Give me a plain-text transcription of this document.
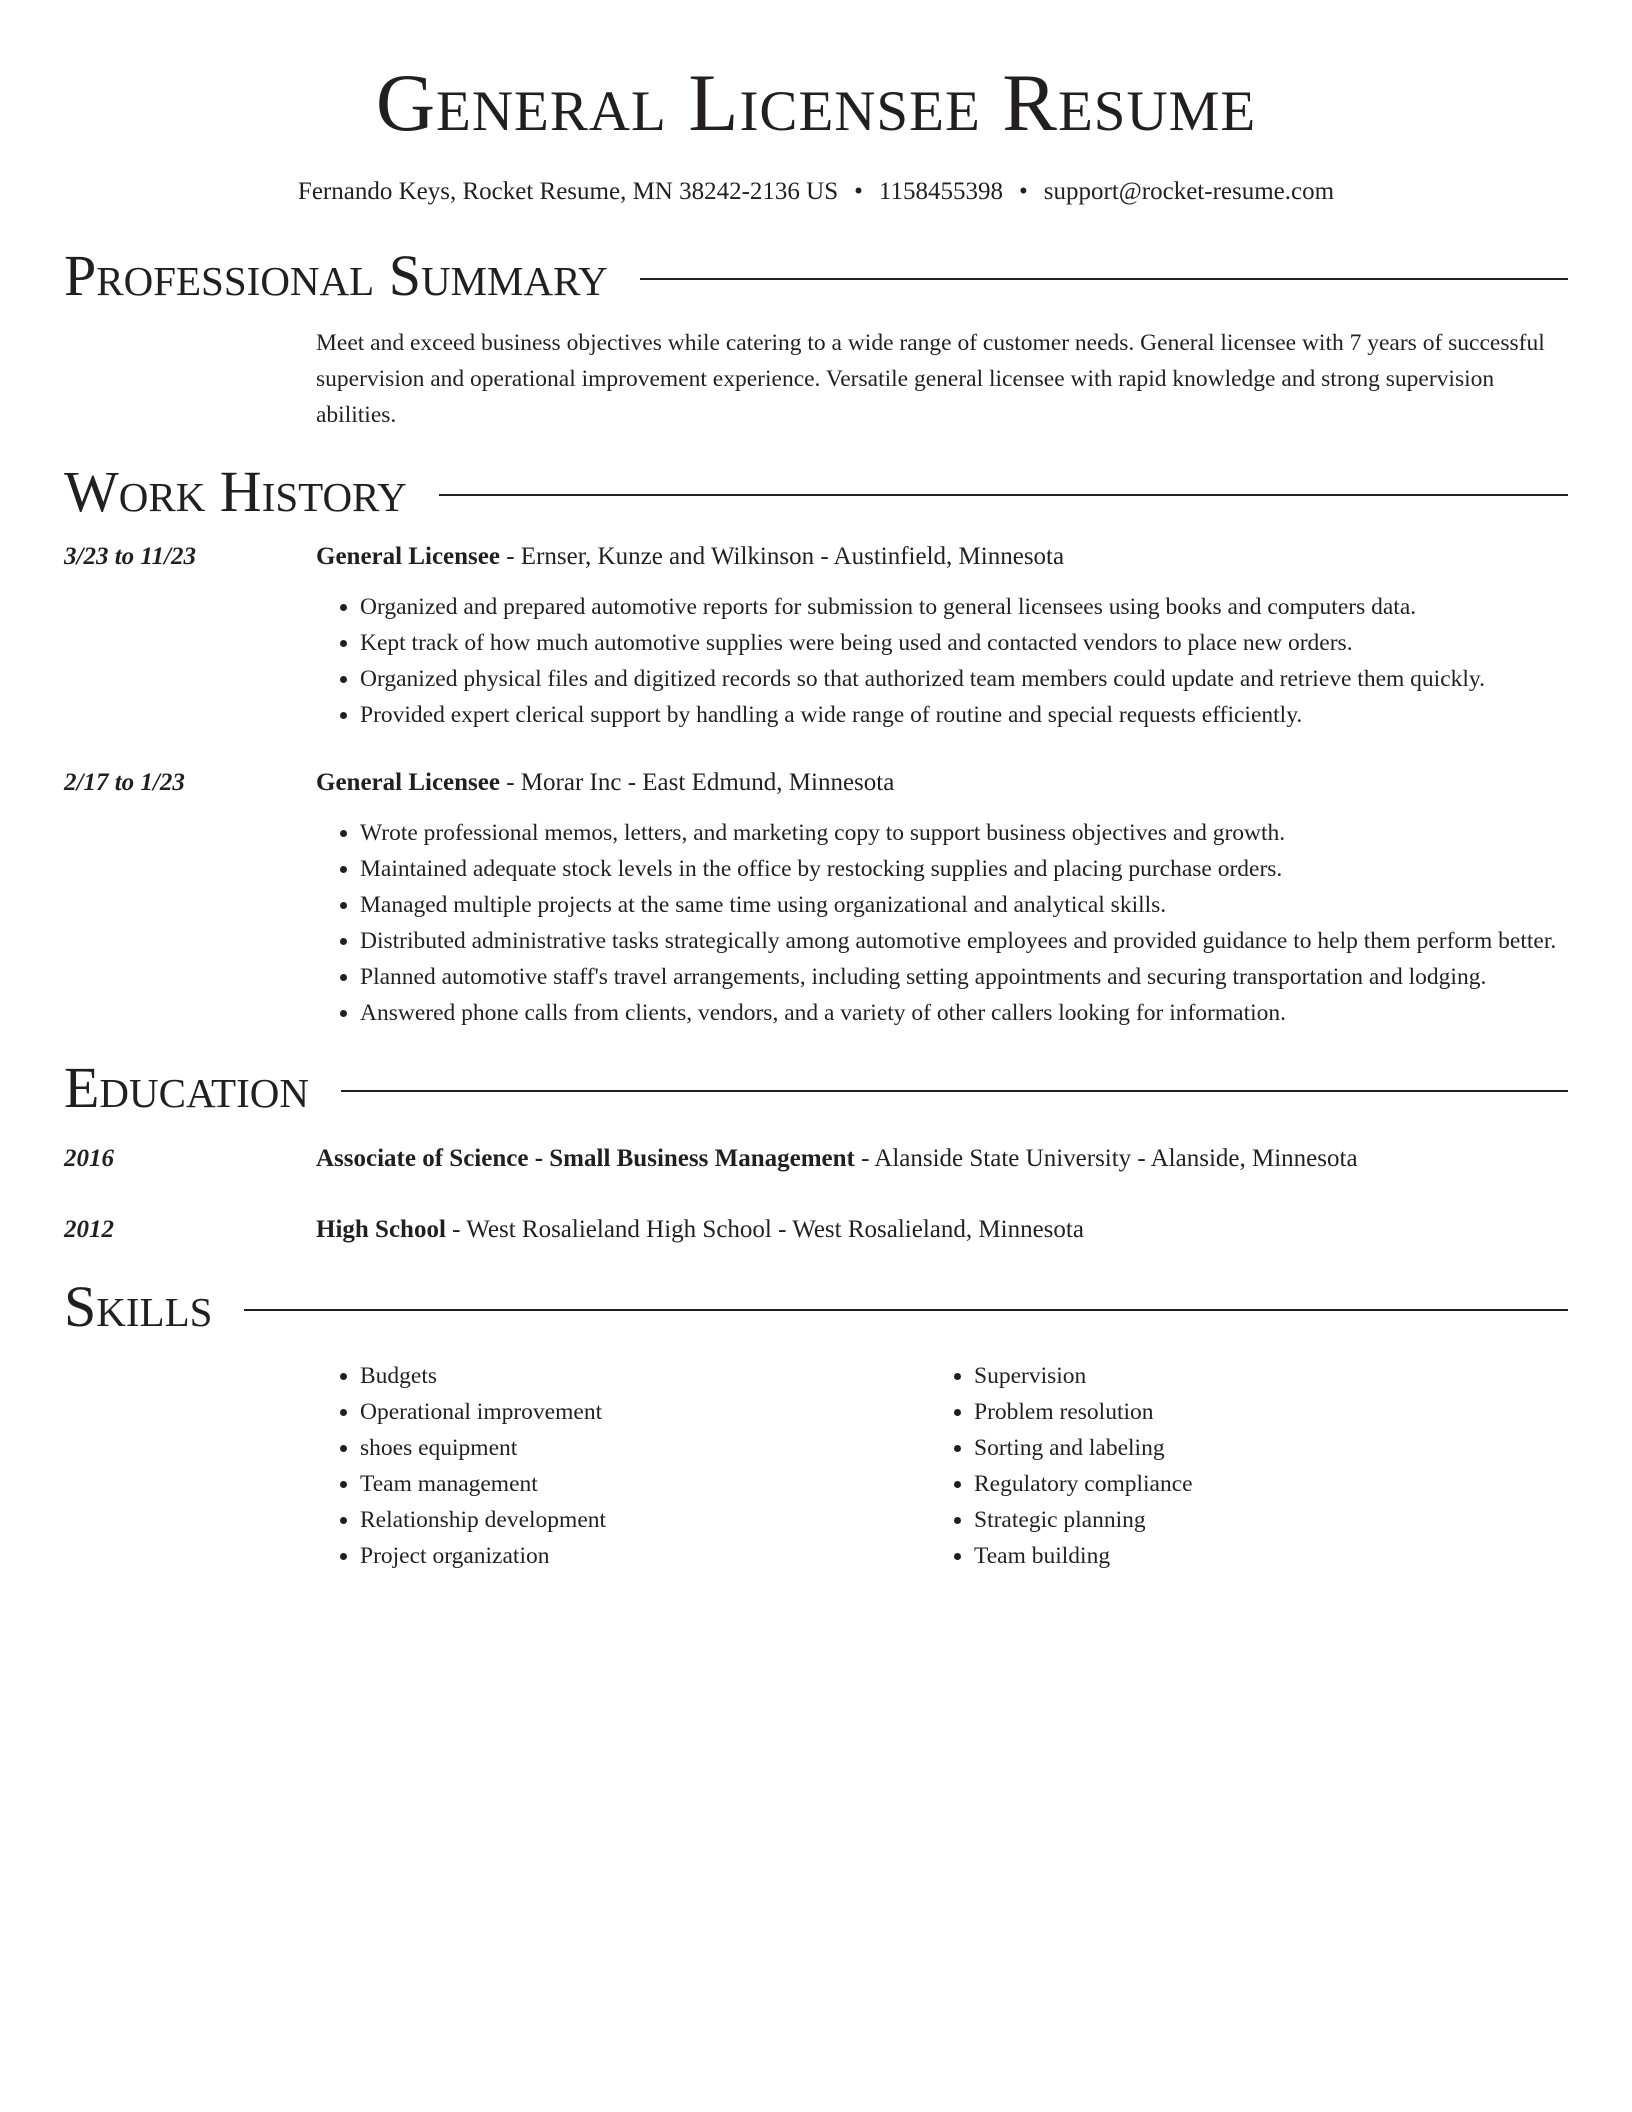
General Licensee Resume
Fernando Keys, Rocket Resume, MN 38242-2136 US • 1158455398 • support@rocket-resume.com
Professional Summary
Meet and exceed business objectives while catering to a wide range of customer needs. General licensee with 7 years of successful supervision and operational improvement experience. Versatile general licensee with rapid knowledge and strong supervision abilities.
Work History
3/23 to 11/23	General Licensee - Ernser, Kunze and Wilkinson - Austinfield, Minnesota
• Organized and prepared automotive reports for submission to general licensees using books and computers data.
• Kept track of how much automotive supplies were being used and contacted vendors to place new orders.
• Organized physical files and digitized records so that authorized team members could update and retrieve them quickly.
• Provided expert clerical support by handling a wide range of routine and special requests efficiently.
2/17 to 1/23	General Licensee - Morar Inc - East Edmund, Minnesota
• Wrote professional memos, letters, and marketing copy to support business objectives and growth.
• Maintained adequate stock levels in the office by restocking supplies and placing purchase orders.
• Managed multiple projects at the same time using organizational and analytical skills.
• Distributed administrative tasks strategically among automotive employees and provided guidance to help them perform better.
• Planned automotive staff's travel arrangements, including setting appointments and securing transportation and lodging.
• Answered phone calls from clients, vendors, and a variety of other callers looking for information.
Education
2016	Associate of Science - Small Business Management - Alanside State University - Alanside, Minnesota
2012	High School - West Rosalieland High School - West Rosalieland, Minnesota
Skills
• Budgets
• Operational improvement
• shoes equipment
• Team management
• Relationship development
• Project organization
• Supervision
• Problem resolution
• Sorting and labeling
• Regulatory compliance
• Strategic planning
• Team building
